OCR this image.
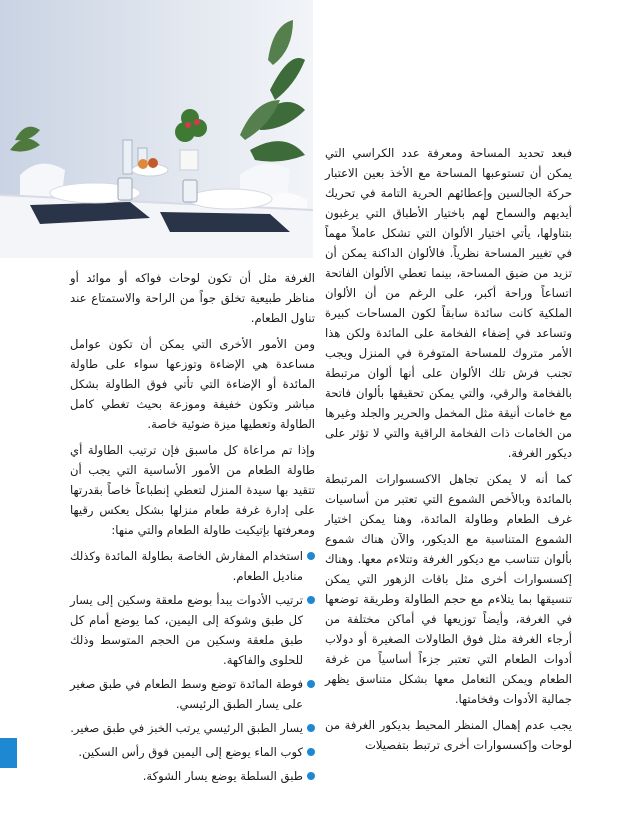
فبعد تحديد المساحة ومعرفة عدد الكراسي التي يمكن أن تستوعبها المساحة مع الأخذ بعين الاعتبار حركة الجالسين وإعطائهم الحرية التامة في تحريك أيديهم والسماح لهم باختيار الأطباق التي يرغبون بتناولها، يأتي اختيار الألوان التي تشكل عاملاً مهماً في تغيير المساحة نظرياً. فالألوان الداكنة يمكن أن تزيد من ضيق المساحة، بينما تعطي الألوان الفاتحة اتساعاً وراحة أكبر، على الرغم من أن الألوان الملكية كانت سائدة سابقاً لكون المساحات كبيرة وتساعد في إضفاء الفخامة على المائدة ولكن هذا الأمر متروك للمساحة المتوفرة في المنزل ويجب تجنب فرش تلك الألوان على أنها ألوان مرتبطة بالفخامة والرقي، والتي يمكن تحقيقها بألوان فاتحة مع خامات أنيقة مثل المخمل والحرير والجلد وغيرها من الخامات ذات الفخامة الراقية والتي لا تؤثر على ديكور الغرفة.

كما أنه لا يمكن تجاهل الاكسسوارات المرتبطة بالمائدة وبالأخص الشموع التي تعتبر من أساسيات غرف الطعام وطاولة المائدة، وهنا يمكن اختيار الشموع المتناسبة مع الديكور، والآن هناك شموع بألوان تتناسب مع ديكور الغرفة وتتلاءم معها. وهناك إكسسوارات أخرى مثل باقات الزهور التي يمكن تنسيقها بما يتلاءم مع حجم الطاولة وطريقة توضعها في الغرفة، وأيضاً توزيعها في أماكن مختلفة من أرجاء الغرفة مثل فوق الطاولات الصغيرة أو دولاب أدوات الطعام التي تعتبر جزءاً أساسياً من غرفة الطعام ويمكن التعامل معها بشكل متناسق يظهر جمالية الأدوات وفخامتها.

يجب عدم إهمال المنظر المحيط بديكور الغرفة من لوحات وإكسسوارات أخرى ترتبط بتفصيلات

الغرفة مثل أن تكون لوحات فواكه أو موائد أو مناظر طبيعية تخلق جواً من الراحة والاستمتاع عند تناول الطعام.

ومن الأمور الأخرى التي يمكن أن تكون عوامل مساعدة هي الإضاءة وتوزعها سواء على طاولة المائدة أو الإضاءة التي تأتي فوق الطاولة بشكل مباشر وتكون خفيفة وموزعة بحيث تغطي كامل الطاولة وتعطيها ميزة ضوئية خاصة.

وإذا تم مراعاة كل ماسبق فإن ترتيب الطاولة أي طاولة الطعام من الأمور الأساسية التي يجب أن تتقيد بها سيدة المنزل لتعطي إنطباعاً خاصاً بقدرتها على إدارة غرفة طعام منزلها بشكل يعكس رقيها ومعرفتها بإتيكيت طاولة الطعام والتي منها:

استخدام المفارش الخاصة بطاولة المائدة وكذلك مناديل الطعام.
ترتيب الأدوات يبدأ بوضع ملعقة وسكين إلى يسار كل طبق وشوكة إلى اليمين، كما يوضع أمام كل طبق ملعقة وسكين من الحجم المتوسط وذلك للحلوى والفاكهة.
فوطة المائدة توضع وسط الطعام في طبق صغير على يسار الطبق الرئيسي.
يسار الطبق الرئيسي يرتب الخبز في طبق صغير.
كوب الماء يوضع إلى اليمين فوق رأس السكين.
طبق السلطة يوضع يسار الشوكة.
